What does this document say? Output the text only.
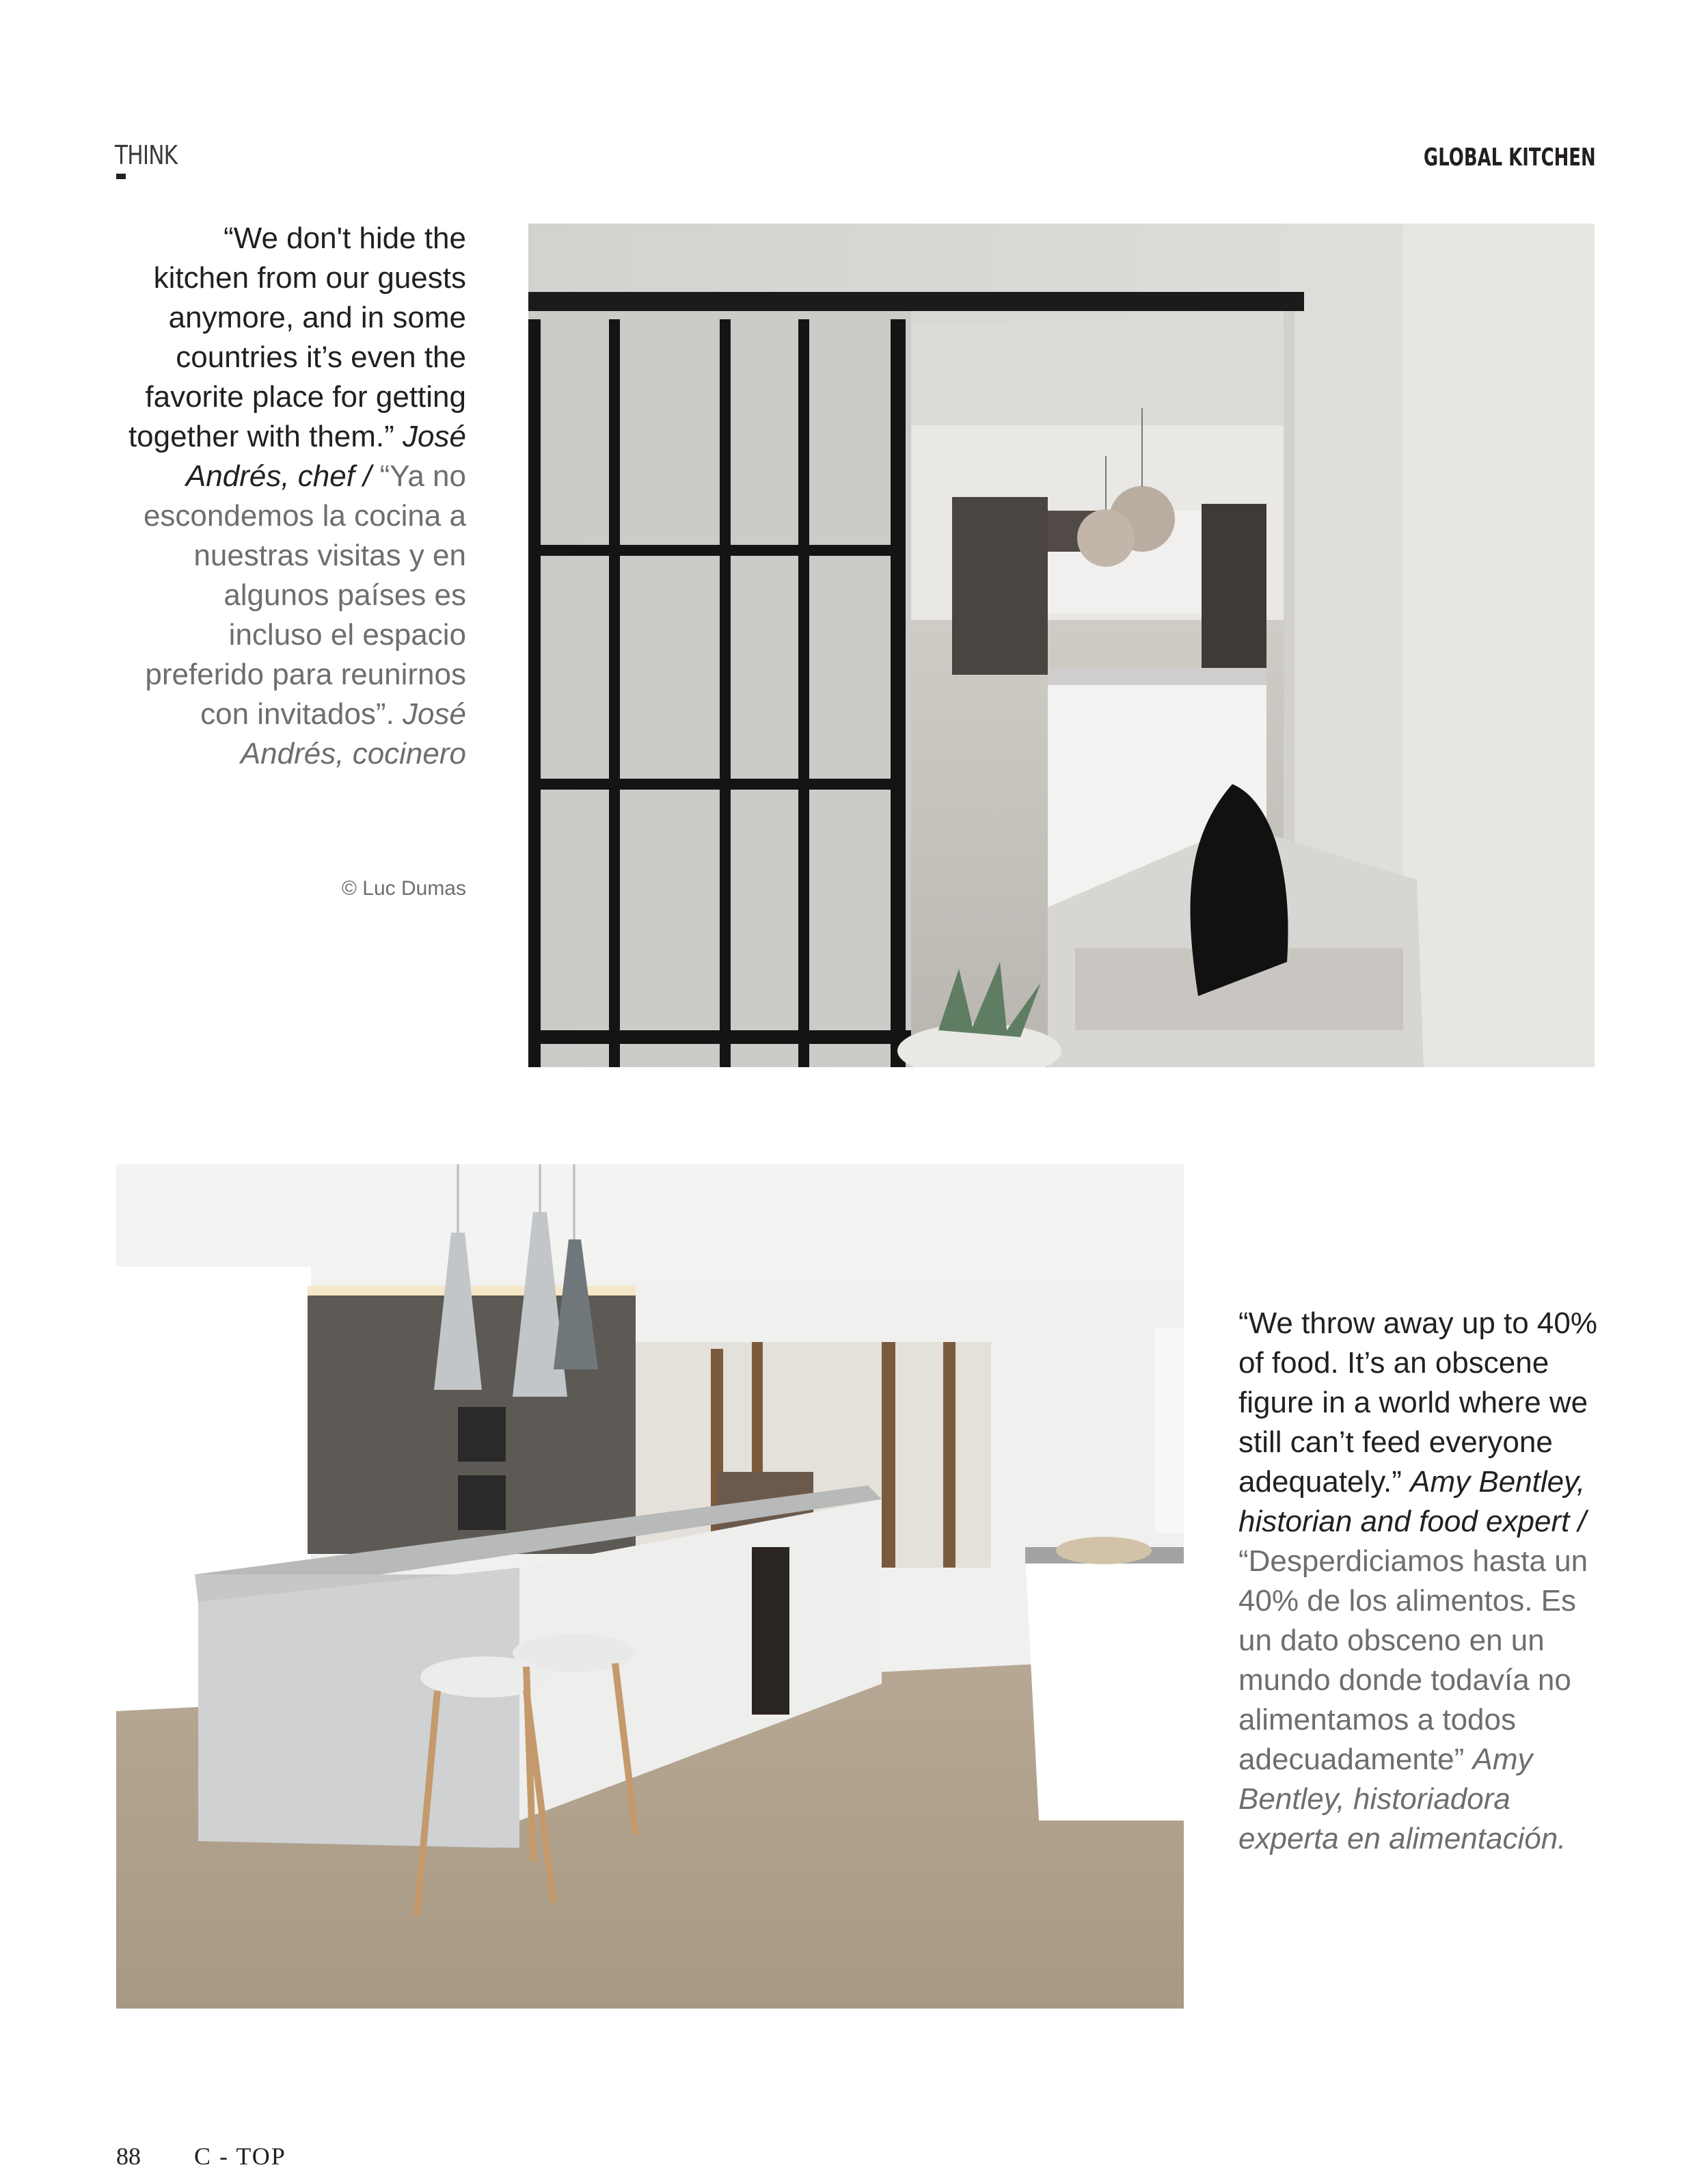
THINK	GLOBAL KITCHEN
“We don't hide the kitchen from our guests anymore, and in some countries it’s even the favorite place for getting together with them.” José Andrés, chef / “Ya no escondemos la cocina a nuestras visitas y en algunos países es incluso el espacio preferido para reunirnos con invitados”. José Andrés, cocinero
© Luc Dumas
“We throw away up to 40% of food. It’s an obscene figure in a world where we still can’t feed everyone adequately.” Amy Bentley, historian and food expert / “Desperdiciamos hasta un 40% de los alimentos. Es un dato obsceno en un mundo donde todavía no alimentamos a todos adecuadamente” Amy Bentley, historiadora experta en alimentación.
88 C - TOP
